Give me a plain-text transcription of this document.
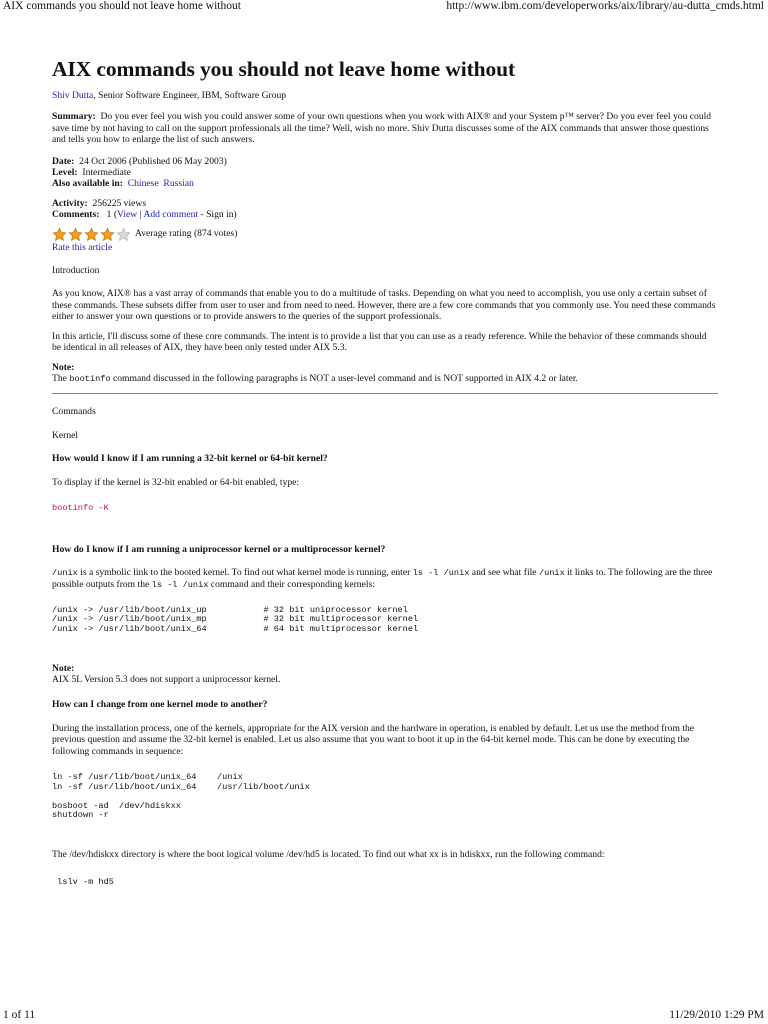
AIX commands you should not leave home without	http://www.ibm.com/developerworks/aix/library/au-dutta_cmds.html
AIX commands you should not leave home without

Shiv Dutta, Senior Software Engineer, IBM, Software Group

Summary: Do you ever feel you wish you could answer some of your own questions when you work with AIX® and your System p™ server? Do you ever feel you could save time by not having to call on the support professionals all the time? Well, wish no more. Shiv Dutta discusses some of the AIX commands that answer those questions and tells you how to enlarge the list of such answers.

Date: 24 Oct 2006 (Published 06 May 2003)
Level: Intermediate
Also available in: Chinese Russian
Activity: 256225 views
Comments: 1 (View | Add comment - Sign in)
Average rating (874 votes)
Rate this article

Introduction

As you know, AIX® has a vast array of commands that enable you to do a multitude of tasks. Depending on what you need to accomplish, you use only a certain subset of these commands. These subsets differ from user to user and from need to need. However, there are a few core commands that you commonly use. You need these commands either to answer your own questions or to provide answers to the queries of the support professionals.

In this article, I'll discuss some of these core commands. The intent is to provide a list that you can use as a ready reference. While the behavior of these commands should be identical in all releases of AIX, they have been only tested under AIX 5.3.

Note:
The bootinfo command discussed in the following paragraphs is NOT a user-level command and is NOT supported in AIX 4.2 or later.

Commands

Kernel

How would I know if I am running a 32-bit kernel or 64-bit kernel?

To display if the kernel is 32-bit enabled or 64-bit enabled, type:

bootinfo -K
How do I know if I am running a uniprocessor kernel or a multiprocessor kernel?

/unix is a symbolic link to the booted kernel. To find out what kernel mode is running, enter ls -l /unix and see what file /unix it links to. The following are the three possible outputs from the ls -l /unix command and their corresponding kernels:

/unix -> /usr/lib/boot/unix_up           # 32 bit uniprocessor kernel
/unix -> /usr/lib/boot/unix_mp           # 32 bit multiprocessor kernel
/unix -> /usr/lib/boot/unix_64           # 64 bit multiprocessor kernel
Note:
AIX 5L Version 5.3 does not support a uniprocessor kernel.
How can I change from one kernel mode to another?

During the installation process, one of the kernels, appropriate for the AIX version and the hardware in operation, is enabled by default. Let us use the method from the previous question and assume the 32-bit kernel is enabled. Let us also assume that you want to boot it up in the 64-bit kernel mode. This can be done by executing the following commands in sequence:

ln -sf /usr/lib/boot/unix_64    /unix
ln -sf /usr/lib/boot/unix_64    /usr/lib/boot/unix

bosboot -ad  /dev/hdiskxx
shutdown -r

The /dev/hdiskxx directory is where the boot logical volume /dev/hd5 is located. To find out what xx is in hdiskxx, run the following command:

lslv -m hd5
1 of 11	11/29/2010 1:29 PM
